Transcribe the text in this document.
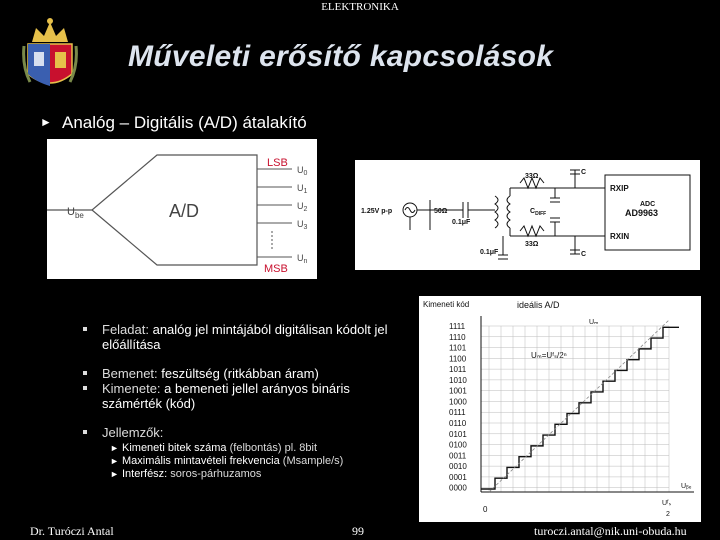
ELEKTRONIKA
Műveleti erősítő kapcsolások
► Analóg – Digitális (A/D) átalakító
A/D
$U_{be}$
LSB
MSB
$U_0$
$U_1$
$U_2$
$U_3$
$U_n$
1.25V p-p	50Ω
0.1μF
33Ω
33Ω
C
C
$C_{DIFF}$
0.1μF
RXIP
RXIN
ADC
AD9963
Kimeneti kód	ideális A/D
Uₘ=Uᶠₛ/2ⁿ
Uₘ
Uᵦₑ
0
Uᶠₛ
2
1111
1110
1101
1100
1011
1010
1001
1000
0111
0110
0101
0100
0011
0010
0001
0000
Feladat: analóg jel mintájából digitálisan kódolt jel előállítása
Bemenet: feszültség (ritkábban áram)
Kimenete: a bemeneti jellel arányos bináris számérték (kód)
Jellemzők:
► Kimeneti bitek száma (felbontás) pl. 8bit
► Maximális mintavételi frekvencia (Msample/s)
► Interfész: soros-párhuzamos
Dr. Turóczi Antal	99	turoczi.antal@nik.uni-obuda.hu
